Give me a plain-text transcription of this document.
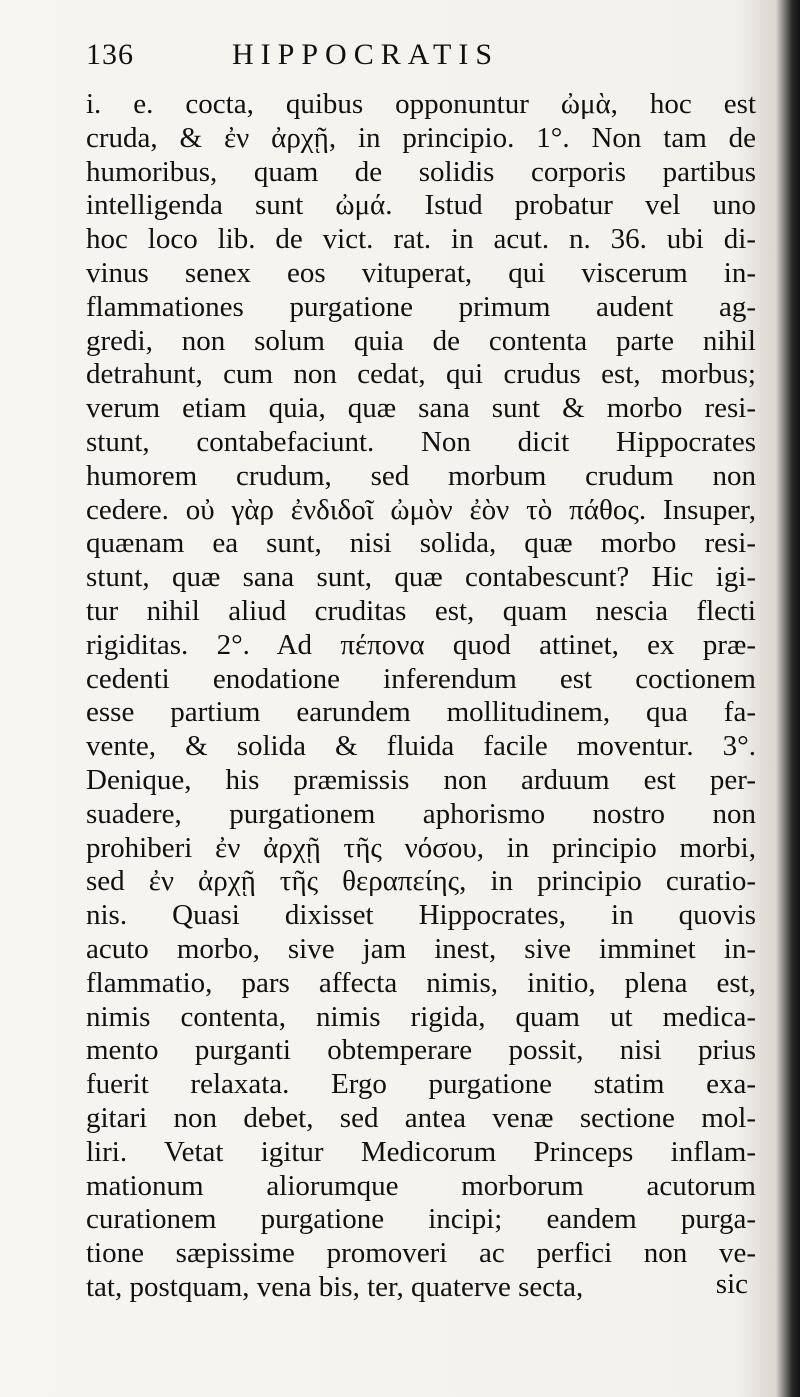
136	HIPPOCRATIS
i. e. cocta, quibus opponuntur ὠμὰ, hoc est
cruda, & ἐν ἀρχῇ, in principio. 1°. Non tam de
humoribus, quam de solidis corporis partibus
intelligenda sunt ὠμά. Istud probatur vel uno
hoc loco lib. de vict. rat. in acut. n. 36. ubi di-
vinus senex eos vituperat, qui viscerum in-
flammationes purgatione primum audent ag-
gredi, non solum quia de contenta parte nihil
detrahunt, cum non cedat, qui crudus est, morbus;
verum etiam quia, quæ sana sunt & morbo resi-
stunt, contabefaciunt. Non dicit Hippocrates
humorem crudum, sed morbum crudum non
cedere. οὐ γὰρ ἐνδιδοῖ ὠμὸν ἐὸν τὸ πάθος. Insuper,
quænam ea sunt, nisi solida, quæ morbo resi-
stunt, quæ sana sunt, quæ contabescunt? Hic igi-
tur nihil aliud cruditas est, quam nescia flecti
rigiditas. 2°. Ad πέπονα quod attinet, ex præ-
cedenti enodatione inferendum est coctionem
esse partium earundem mollitudinem, qua fa-
vente, & solida & fluida facile moventur. 3°.
Denique, his præmissis non arduum est per-
suadere, purgationem aphorismo nostro non
prohiberi ἐν ἀρχῇ τῆς νόσου, in principio morbi,
sed ἐν ἀρχῇ τῆς θεραπείης, in principio curatio-
nis. Quasi dixisset Hippocrates, in quovis
acuto morbo, sive jam inest, sive imminet in-
flammatio, pars affecta nimis, initio, plena est,
nimis contenta, nimis rigida, quam ut medica-
mento purganti obtemperare possit, nisi prius
fuerit relaxata. Ergo purgatione statim exa-
gitari non debet, sed antea venæ sectione mol-
liri. Vetat igitur Medicorum Princeps inflam-
mationum aliorumque morborum acutorum
curationem purgatione incipi; eandem purga-
tione sæpissime promoveri ac perfici non ve-
tat, postquam, vena bis, ter, quaterve secta,	sic
